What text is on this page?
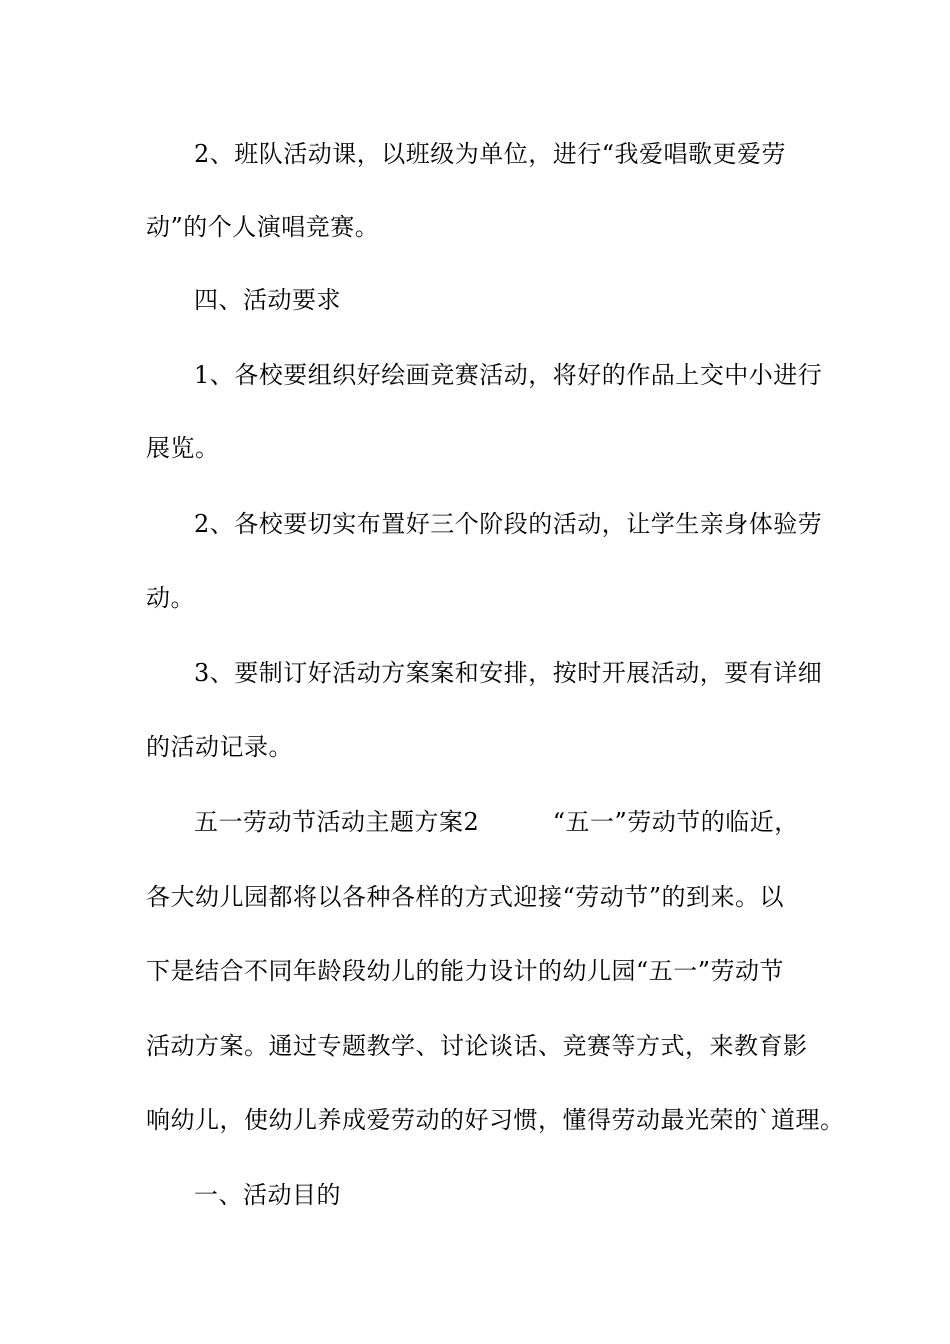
2、班队活动课，以班级为单位，进行“我爱唱歌更爱劳
动”的个人演唱竞赛。
四、活动要求
1、各校要组织好绘画竞赛活动，将好的作品上交中小进行
展览。
2、各校要切实布置好三个阶段的活动，让学生亲身体验劳
动。
3、要制订好活动方案案和安排，按时开展活动，要有详细
的活动记录。
五一劳动节活动主题方案2　　　“五一”劳动节的临近，
各大幼儿园都将以各种各样的方式迎接“劳动节”的到来。以
下是结合不同年龄段幼儿的能力设计的幼儿园“五一”劳动节
活动方案。通过专题教学、讨论谈话、竞赛等方式，来教育影
响幼儿，使幼儿养成爱劳动的好习惯，懂得劳动最光荣的`道理。
一、活动目的
